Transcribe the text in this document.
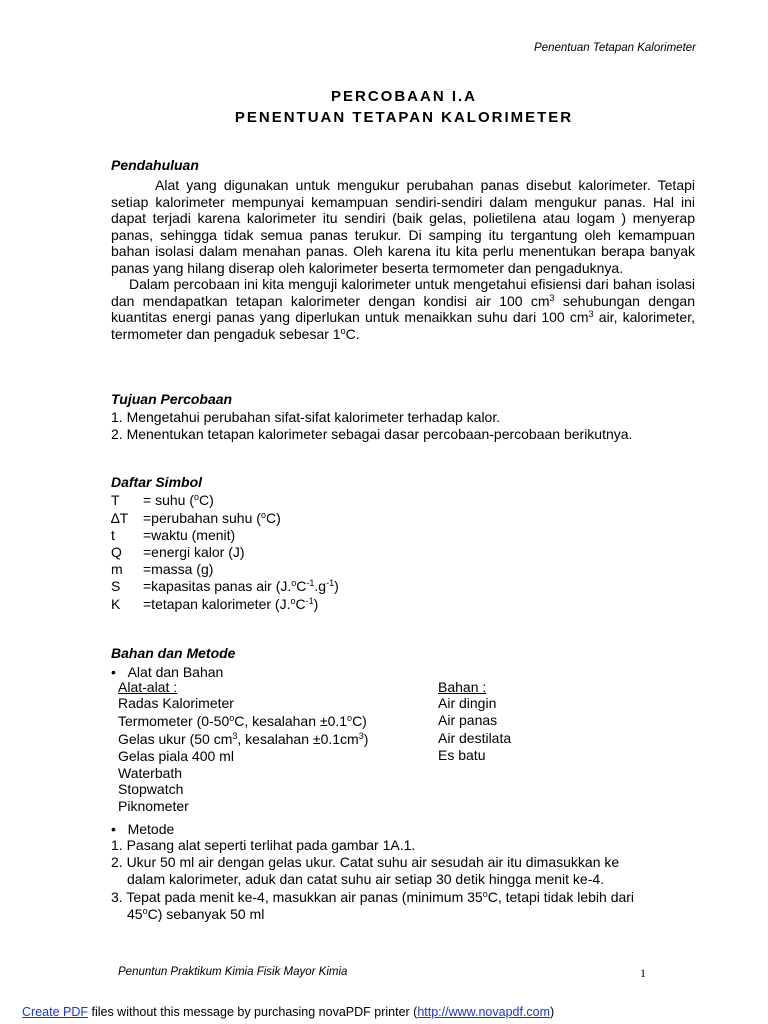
Penentuan Tetapan Kalorimeter
PERCOBAAN I.A
PENENTUAN TETAPAN KALORIMETER
Pendahuluan

Alat yang digunakan untuk mengukur perubahan panas disebut kalorimeter. Tetapi setiap kalorimeter mempunyai kemampuan sendiri-sendiri dalam mengukur panas. Hal ini dapat terjadi karena kalorimeter itu sendiri (baik gelas, polietilena atau logam ) menyerap panas, sehingga tidak semua panas terukur. Di samping itu tergantung oleh kemampuan bahan isolasi dalam menahan panas. Oleh karena itu kita perlu menentukan berapa banyak panas yang hilang diserap oleh kalorimeter beserta termometer dan pengaduknya.

Dalam percobaan ini kita menguji kalorimeter untuk mengetahui efisiensi dari bahan isolasi dan mendapatkan tetapan kalorimeter dengan kondisi air 100 $cm^3$ sehubungan dengan kuantitas energi panas yang diperlukan untuk menaikkan suhu dari 100 $cm^3$ air, kalorimeter, termometer dan pengaduk sebesar 1$^o$C.

Tujuan Percobaan
1. Mengetahui perubahan sifat-sifat kalorimeter terhadap kalor.
2. Menentukan tetapan kalorimeter sebagai dasar percobaan-percobaan berikutnya.
Daftar Simbol
T = suhu ($^o$C)
∆T =perubahan suhu ($^o$C)
t =waktu (menit)
Q =energi kalor (J)
m =massa (g)
S =kapasitas panas air $(J.^oC^{-1}.g^{-1})$
K =tetapan kalorimeter $(J.^oC^{-1})$
Bahan dan Metode
•   Alat dan Bahan
Alat-alat :	Bahan :
Radas Kalorimeter
Termometer (0-50$^o$C, kesalahan $\pm 0.1^oC$)
Gelas ukur (50 $cm^3$, kesalahan $\pm 0.1cm^3$)
Gelas piala 400 ml
Waterbath
Stopwatch
Piknometer
Air dingin
Air panas
Air destilata
Es batu
•   Metode
1. Pasang alat seperti terlihat pada gambar 1A.1.
2. Ukur 50 ml air dengan gelas ukur. Catat suhu air sesudah air itu dimasukkan ke
dalam kalorimeter, aduk dan catat suhu air setiap 30 detik hingga menit ke-4.
3. Tepat pada menit ke-4, masukkan air panas (minimum 35$^o$C, tetapi tidak lebih dari
45$^o$C) sebanyak 50 ml
Penuntun Praktikum Kimia Fisik Mayor Kimia	1
Create PDF files without this message by purchasing novaPDF printer (http://www.novapdf.com)
